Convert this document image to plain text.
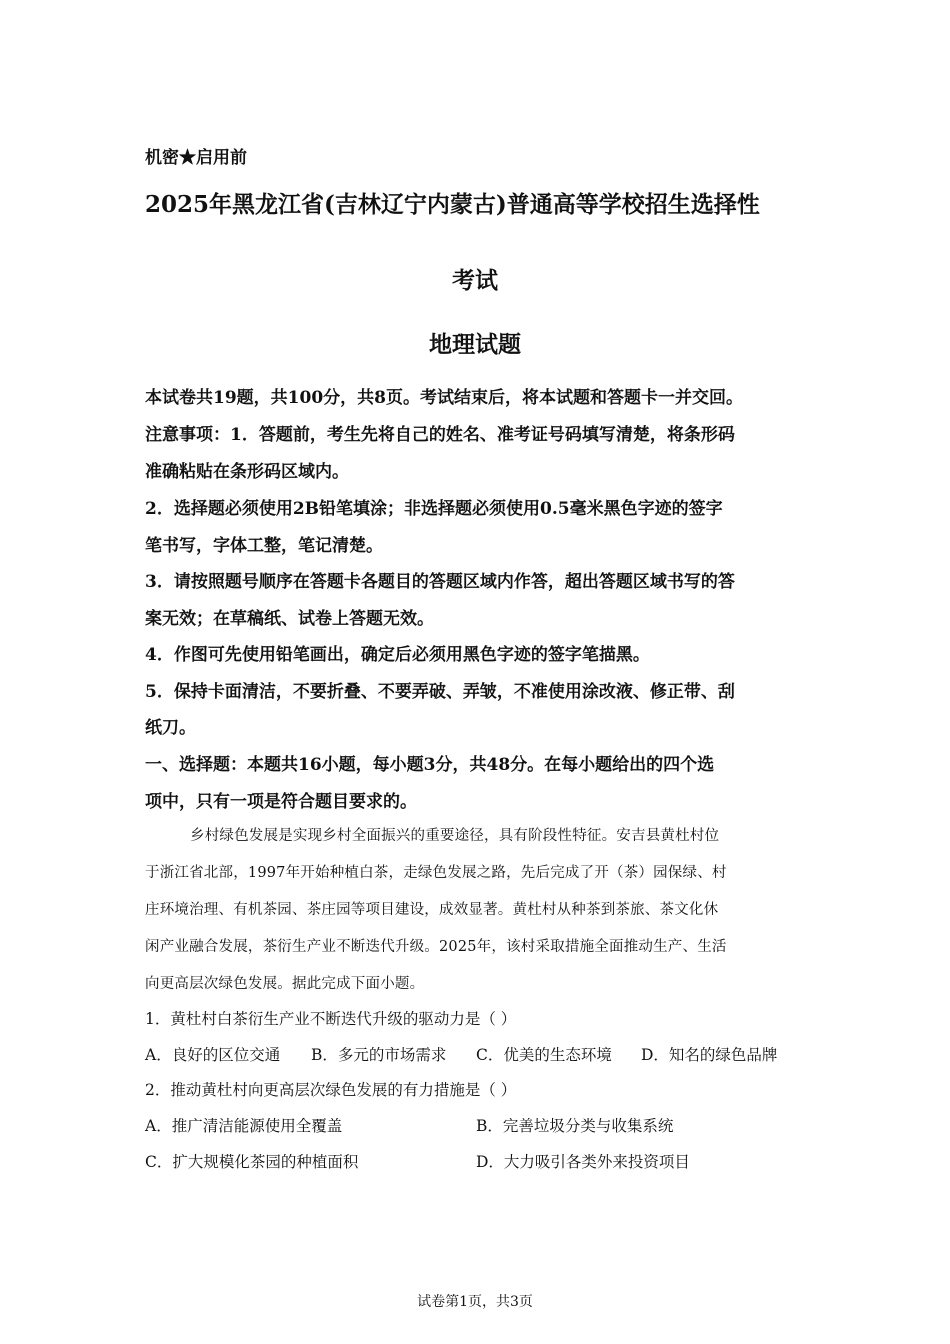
机密★启用前
2025年黑龙江省(吉林辽宁内蒙古)普通高等学校招生选择性
考试
地理试题
本试卷共19题，共100分，共8页。考试结束后，将本试题和答题卡一并交回。
注意事项：1．答题前，考生先将自己的姓名、准考证号码填写清楚，将条形码
准确粘贴在条形码区域内。
2．选择题必须使用2B铅笔填涂；非选择题必须使用0.5毫米黑色字迹的签字
笔书写，字体工整，笔记清楚。
3．请按照题号顺序在答题卡各题目的答题区域内作答，超出答题区域书写的答
案无效；在草稿纸、试卷上答题无效。
4．作图可先使用铅笔画出，确定后必须用黑色字迹的签字笔描黑。
5．保持卡面清洁，不要折叠、不要弄破、弄皱，不准使用涂改液、修正带、刮
纸刀。
一、选择题：本题共16小题，每小题3分，共48分。在每小题给出的四个选
项中，只有一项是符合题目要求的。
乡村绿色发展是实现乡村全面振兴的重要途径，具有阶段性特征。安吉县黄杜村位
于浙江省北部，1997年开始种植白茶，走绿色发展之路，先后完成了开（茶）园保绿、村
庄环境治理、有机茶园、茶庄园等项目建设，成效显著。黄杜村从种茶到茶旅、茶文化休
闲产业融合发展，茶衍生产业不断迭代升级。2025年，该村采取措施全面推动生产、生活
向更高层次绿色发展。据此完成下面小题。
1．黄杜村白茶衍生产业不断迭代升级的驱动力是（ ）
A．良好的区位交通 B．多元的市场需求 C．优美的生态环境 D．知名的绿色品牌
2．推动黄杜村向更高层次绿色发展的有力措施是（ ）
A．推广清洁能源使用全覆盖	B．完善垃圾分类与收集系统
C．扩大规模化茶园的种植面积	D．大力吸引各类外来投资项目
试卷第1页，共3页
